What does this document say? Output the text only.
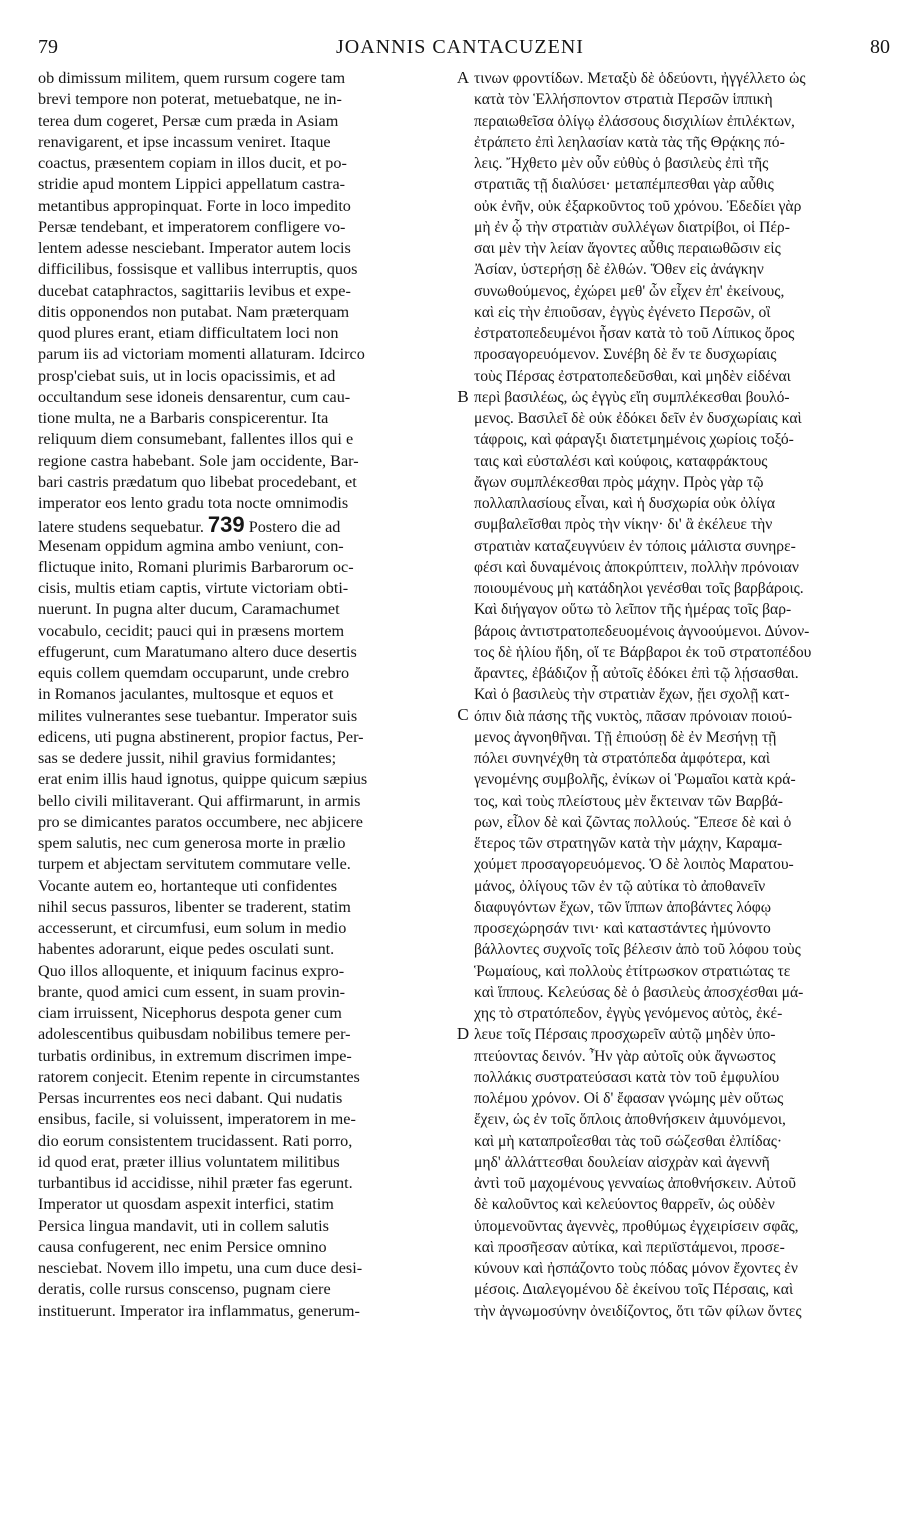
79	JOANNIS CANTACUZENI	80
ob dimissum militem, quem rursum cogere tam
brevi tempore non poterat, metuebatque, ne in-
terea dum cogeret, Persæ cum præda in Asiam
renavigarent, et ipse incassum veniret. Itaque
coactus, præsentem copiam in illos ducit, et po-
stridie apud montem Lippici appellatum castra-
metantibus appropinquat. Forte in loco impedito
Persæ tendebant, et imperatorem confligere vo-
lentem adesse nesciebant. Imperator autem locis
difficilibus, fossisque et vallibus interruptis, quos
ducebat cataphractos, sagittariis levibus et expe-
ditis opponendos non putabat. Nam præterquam
quod plures erant, etiam difficultatem loci non
parum iis ad victoriam momenti allaturam. Idcirco
prosp'ciebat suis, ut in locis opacissimis, et ad
occultandum sese idoneis densarentur, cum cau-
tione multa, ne a Barbaris conspicerentur. Ita
reliquum diem consumebant, fallentes illos qui e
regione castra habebant. Sole jam occidente, Bar-
bari castris prædatum quo libebat procedebant, et
imperator eos lento gradu tota nocte omnimodis
latere studens sequebatur. 739 Postero die ad
Mesenam oppidum agmina ambo veniunt, con-
flictuque inito, Romani plurimis Barbarorum oc-
cisis, multis etiam captis, virtute victoriam obti-
nuerunt. In pugna alter ducum, Caramachumet
vocabulo, cecidit; pauci qui in præsens mortem
effugerunt, cum Maratumano altero duce desertis
equis collem quemdam occuparunt, unde crebro
in Romanos jaculantes, multosque et equos et
milites vulnerantes sese tuebantur. Imperator suis
edicens, uti pugna abstinerent, propior factus, Per-
sas se dedere jussit, nihil gravius formidantes;
erat enim illis haud ignotus, quippe quicum sæpius
bello civili militaverant. Qui affirmarunt, in armis
pro se dimicantes paratos occumbere, nec abjicere
spem salutis, nec cum generosa morte in prælio
turpem et abjectam servitutem commutare velle.
Vocante autem eo, hortanteque uti confidentes
nihil secus passuros, libenter se traderent, statim
accesserunt, et circumfusi, eum solum in medio
habentes adorarunt, eique pedes osculati sunt.
Quo illos alloquente, et iniquum facinus expro-
brante, quod amici cum essent, in suam provin-
ciam irruissent, Nicephorus despota gener cum
adolescentibus quibusdam nobilibus temere per-
turbatis ordinibus, in extremum discrimen impe-
ratorem conjecit. Etenim repente in circumstantes
Persas incurrentes eos neci dabant. Qui nudatis
ensibus, facile, si voluissent, imperatorem in me-
dio eorum consistentem trucidassent. Rati porro,
id quod erat, præter illius voluntatem militibus
turbantibus id accidisse, nihil præter fas egerunt.
Imperator ut quosdam aspexit interfici, statim
Persica lingua mandavit, uti in collem salutis
causa confugerent, nec enim Persice omnino
nesciebat. Novem illo impetu, una cum duce desi-
deratis, colle rursus conscenso, pugnam ciere
instituerunt. Imperator ira inflammatus, generum-
τινων φροντίδων. Μεταξὺ δὲ ὁδεύοντι, ἠγγέλλετο ὡς
κατὰ τὸν Ἑλλήσποντον στρατιὰ Περσῶν ἱππικὴ
περαιωθεῖσα ὀλίγῳ ἐλάσσους δισχιλίων ἐπιλέκτων,
ἐτράπετο ἐπὶ λεηλασίαν κατὰ τὰς τῆς Θρᾴκης πό-
λεις. Ἤχθετο μὲν οὖν εὐθὺς ὁ βασιλεὺς ἐπὶ τῆς
στρατιᾶς τῇ διαλύσει· μεταπέμπεσθαι γὰρ αὖθις
οὐκ ἐνῆν, οὐκ ἐξαρκοῦντος τοῦ χρόνου. Ἐδεδίει γὰρ
μὴ ἐν ᾧ τὴν στρατιὰν συλλέγων διατρίβοι, οἱ Πέρ-
σαι μὲν τὴν λείαν ἄγοντες αὖθις περαιωθῶσιν εἰς
Ἀσίαν, ὑστερήσῃ δὲ ἐλθών. Ὅθεν εἰς ἀνάγκην
συνωθούμενος, ἐχώρει μεθ' ὧν εἶχεν ἐπ' ἐκείνους,
καὶ εἰς τὴν ἐπιοῦσαν, ἐγγὺς ἐγένετο Περσῶν, οἳ
ἐστρατοπεδευμένοι ἦσαν κατὰ τὸ τοῦ Λίπικος ὄρος
προσαγορευόμενον. Συνέβη δὲ ἔν τε δυσχωρίαις
τοὺς Πέρσας ἐστρατοπεδεῦσθαι, καὶ μηδὲν εἰδέναι
περὶ βασιλέως, ὡς ἐγγὺς εἴη συμπλέκεσθαι βουλό-
μενος. Βασιλεῖ δὲ οὐκ ἐδόκει δεῖν ἐν δυσχωρίαις καὶ
τάφροις, καὶ φάραγξι διατετμημένοις χωρίοις τοξό-
ταις καὶ εὐσταλέσι καὶ κούφοις, καταφράκτους
ἄγων συμπλέκεσθαι πρὸς μάχην. Πρὸς γὰρ τῷ
πολλαπλασίους εἶναι, καὶ ἡ δυσχωρία οὐκ ὀλίγα
συμβαλεῖσθαι πρὸς τὴν νίκην· δι' ἃ ἐκέλευε τὴν
στρατιὰν καταζευγνύειν ἐν τόποις μάλιστα συνηρε-
φέσι καὶ δυναμένοις ἀποκρύπτειν, πολλὴν πρόνοιαν
ποιουμένους μὴ κατάδηλοι γενέσθαι τοῖς βαρβάροις.
Καὶ διήγαγον οὕτω τὸ λεῖπον τῆς ἡμέρας τοῖς βαρ-
βάροις ἀντιστρατοπεδευομένοις ἀγνοούμενοι. Δύνον-
τος δὲ ἡλίου ἤδη, οἵ τε Βάρβαροι ἐκ τοῦ στρατοπέδου
ἄραντες, ἐβάδιζον ᾗ αὐτοῖς ἐδόκει ἐπὶ τῷ λῄσασθαι.
Καὶ ὁ βασιλεὺς τὴν στρατιὰν ἔχων, ᾔει σχολῇ κατ-
όπιν διὰ πάσης τῆς νυκτὸς, πᾶσαν πρόνοιαν ποιού-
μενος ἀγνοηθῆναι. Τῇ ἐπιούσῃ δὲ ἐν Μεσήνῃ τῇ
πόλει συνηνέχθη τὰ στρατόπεδα ἀμφότερα, καὶ
γενομένης συμβολῆς, ἐνίκων οἱ Ῥωμαῖοι κατὰ κρά-
τος, καὶ τοὺς πλείστους μὲν ἔκτειναν τῶν Βαρβά-
ρων, εἷλον δὲ καὶ ζῶντας πολλούς. Ἔπεσε δὲ καὶ ὁ
ἕτερος τῶν στρατηγῶν κατὰ τὴν μάχην, Καραμα-
χούμετ προσαγορευόμενος. Ὁ δὲ λοιπὸς Μαρατου-
μάνος, ὀλίγους τῶν ἐν τῷ αὐτίκα τὸ ἀποθανεῖν
διαφυγόντων ἔχων, τῶν ἵππων ἀποβάντες λόφῳ
προσεχώρησάν τινι· καὶ καταστάντες ἠμύνοντο
βάλλοντες συχνοῖς τοῖς βέλεσιν ἀπὸ τοῦ λόφου τοὺς
Ῥωμαίους, καὶ πολλοὺς ἐτίτρωσκον στρατιώτας τε
καὶ ἵππους. Κελεύσας δὲ ὁ βασιλεὺς ἀποσχέσθαι μά-
χης τὸ στρατόπεδον, ἐγγὺς γενόμενος αὐτὸς, ἐκέ-
λευε τοῖς Πέρσαις προσχωρεῖν αὐτῷ μηδὲν ὑπο-
πτεύοντας δεινόν. Ἦν γὰρ αὐτοῖς οὐκ ἄγνωστος
πολλάκις συστρατεύσασι κατὰ τὸν τοῦ ἐμφυλίου
πολέμου χρόνον. Οἱ δ' ἔφασαν γνώμης μὲν οὕτως
ἔχειν, ὡς ἐν τοῖς ὅπλοις ἀποθνήσκειν ἀμυνόμενοι,
καὶ μὴ καταπροΐεσθαι τὰς τοῦ σώζεσθαι ἐλπίδας·
μηδ' ἀλλάττεσθαι δουλείαν αἰσχρὰν καὶ ἀγεννῆ
ἀντὶ τοῦ μαχομένους γενναίως ἀποθνήσκειν. Αὐτοῦ
δὲ καλοῦντος καὶ κελεύοντος θαρρεῖν, ὡς οὐδὲν
ὑπομενοῦντας ἀγεννὲς, προθύμως ἐγχειρίσειν σφᾶς,
καὶ προσῆεσαν αὐτίκα, καὶ περιϊστάμενοι, προσε-
κύνουν καὶ ἠσπάζοντο τοὺς πόδας μόνον ἔχοντες ἐν
μέσοις. Διαλεγομένου δὲ ἐκείνου τοῖς Πέρσαις, καὶ
τὴν ἀγνωμοσύνην ὀνειδίζοντος, ὅτι τῶν φίλων ὄντες
A
B
C
D
